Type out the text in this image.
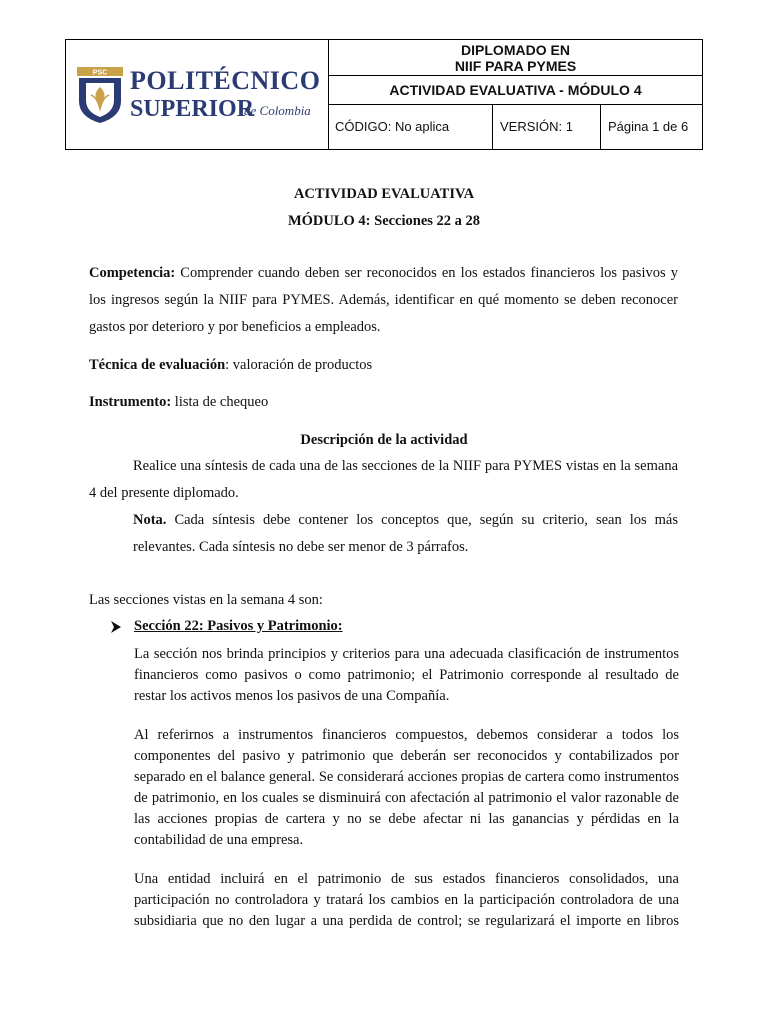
PSC POLITÉCNICO
SUPERIOR
de Colombia
DIPLOMADO EN
NIIF PARA PYMES
ACTIVIDAD EVALUATIVA - MÓDULO 4
CÓDIGO: No aplica	VERSIÓN: 1	Página 1 de 6
ACTIVIDAD EVALUATIVA
MÓDULO 4: Secciones 22 a 28
Competencia: Comprender cuando deben ser reconocidos en los estados financieros los pasivos y los ingresos según la NIIF para PYMES. Además, identificar en qué momento se deben reconocer gastos por deterioro y por beneficios a empleados.
Técnica de evaluación: valoración de productos
Instrumento: lista de chequeo
Descripción de la actividad
Realice una síntesis de cada una de las secciones de la NIIF para PYMES vistas en la semana 4 del presente diplomado.
Nota. Cada síntesis debe contener los conceptos que, según su criterio, sean los más relevantes. Cada síntesis no debe ser menor de 3 párrafos.
Las secciones vistas en la semana 4 son:
Sección 22: Pasivos y Patrimonio:
La sección nos brinda principios y criterios para una adecuada clasificación de instrumentos financieros como pasivos o como patrimonio; el Patrimonio corresponde al resultado de restar los activos menos los pasivos de una Compañía.
Al referirnos a instrumentos financieros compuestos, debemos considerar a todos los componentes del pasivo y patrimonio que deberán ser reconocidos y contabilizados por separado en el balance general. Se considerará acciones propias de cartera como instrumentos de patrimonio, en los cuales se disminuirá con afectación al patrimonio el valor razonable de las acciones propias de cartera y no se debe afectar ni las ganancias y pérdidas en la contabilidad de una empresa.
Una entidad incluirá en el patrimonio de sus estados financieros consolidados, una participación no controladora y tratará los cambios en la participación controladora de una subsidiaria que no den lugar a una perdida de control; se regularizará el importe en libros
